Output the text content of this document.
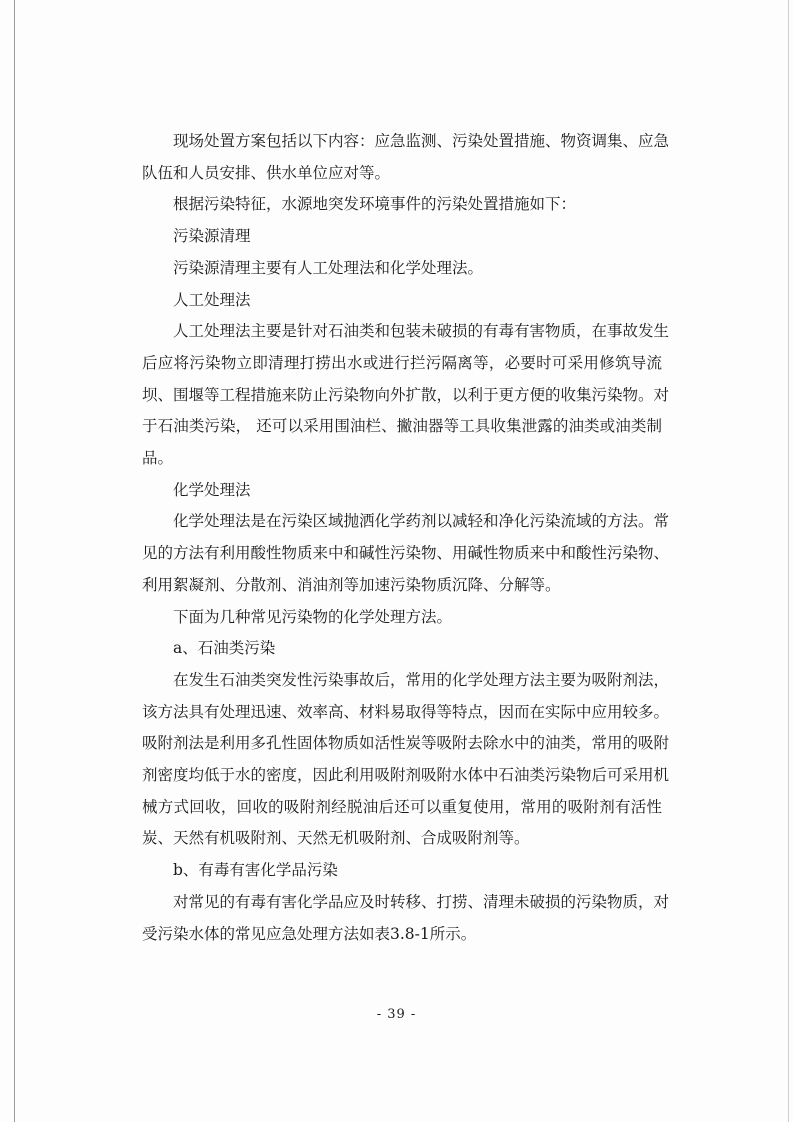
现场处置方案包括以下内容：应急监测、污染处置措施、物资调集、应急
队伍和人员安排、供水单位应对等。
根据污染特征，水源地突发环境事件的污染处置措施如下：
污染源清理
污染源清理主要有人工处理法和化学处理法。
人工处理法
人工处理法主要是针对石油类和包装未破损的有毒有害物质，在事故发生
后应将污染物立即清理打捞出水或进行拦污隔离等，必要时可采用修筑导流
坝、围堰等工程措施来防止污染物向外扩散，以利于更方便的收集污染物。对
于石油类污染， 还可以采用围油栏、撇油器等工具收集泄露的油类或油类制
品。
化学处理法
化学处理法是在污染区域抛洒化学药剂以减轻和净化污染流域的方法。常
见的方法有利用酸性物质来中和碱性污染物、用碱性物质来中和酸性污染物、
利用絮凝剂、分散剂、消油剂等加速污染物质沉降、分解等。
下面为几种常见污染物的化学处理方法。
a、石油类污染
在发生石油类突发性污染事故后，常用的化学处理方法主要为吸附剂法，
该方法具有处理迅速、效率高、材料易取得等特点，因而在实际中应用较多。
吸附剂法是利用多孔性固体物质如活性炭等吸附去除水中的油类，常用的吸附
剂密度均低于水的密度，因此利用吸附剂吸附水体中石油类污染物后可采用机
械方式回收，回收的吸附剂经脱油后还可以重复使用，常用的吸附剂有活性
炭、天然有机吸附剂、天然无机吸附剂、合成吸附剂等。
b、有毒有害化学品污染
对常见的有毒有害化学品应及时转移、打捞、清理未破损的污染物质，对
受污染水体的常见应急处理方法如表3.8-1所示。
- 39 -
